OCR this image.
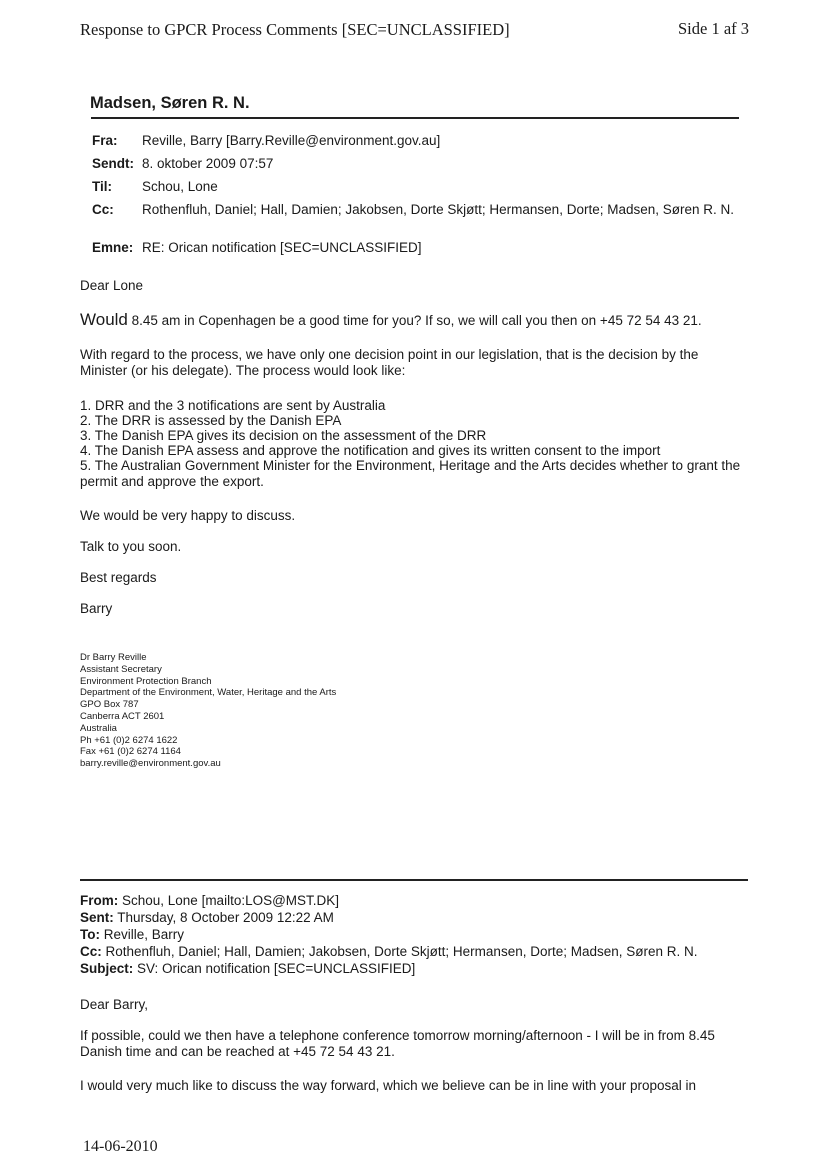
Response to GPCR Process Comments [SEC=UNCLASSIFIED]	Side 1 af 3
Madsen, Søren R. N.
Fra: Reville, Barry [Barry.Reville@environment.gov.au]
Sendt: 8. oktober 2009 07:57
Til: Schou, Lone
Cc: Rothenfluh, Daniel; Hall, Damien; Jakobsen, Dorte Skjøtt; Hermansen, Dorte; Madsen, Søren R. N.
Emne: RE: Orican notification [SEC=UNCLASSIFIED]
Dear Lone
Would 8.45 am in Copenhagen be a good time for you? If so, we will call you then on +45 72 54 43 21.
With regard to the process, we have only one decision point in our legislation, that is the decision by the Minister (or his delegate). The process would look like:
1. DRR and the 3 notifications are sent by Australia
2. The DRR is assessed by the Danish EPA
3. The Danish EPA gives its decision on the assessment of the DRR
4. The Danish EPA assess and approve the notification and gives its written consent to the import
5. The Australian Government Minister for the Environment, Heritage and the Arts decides whether to grant the permit and approve the export.
We would be very happy to discuss.
Talk to you soon.
Best regards
Barry
Dr Barry Reville
Assistant Secretary
Environment Protection Branch
Department of the Environment, Water, Heritage and the Arts
GPO Box 787
Canberra ACT 2601
Australia
Ph +61 (0)2 6274 1622
Fax +61 (0)2 6274 1164
barry.reville@environment.gov.au
From: Schou, Lone [mailto:LOS@MST.DK]
Sent: Thursday, 8 October 2009 12:22 AM
To: Reville, Barry
Cc: Rothenfluh, Daniel; Hall, Damien; Jakobsen, Dorte Skjøtt; Hermansen, Dorte; Madsen, Søren R. N.
Subject: SV: Orican notification [SEC=UNCLASSIFIED]
Dear Barry,
If possible, could we then have a telephone conference tomorrow morning/afternoon - I will be in from 8.45 Danish time and can be reached at +45 72 54 43 21.
I would very much like to discuss the way forward, which we believe can be in line with your proposal in
14-06-2010
